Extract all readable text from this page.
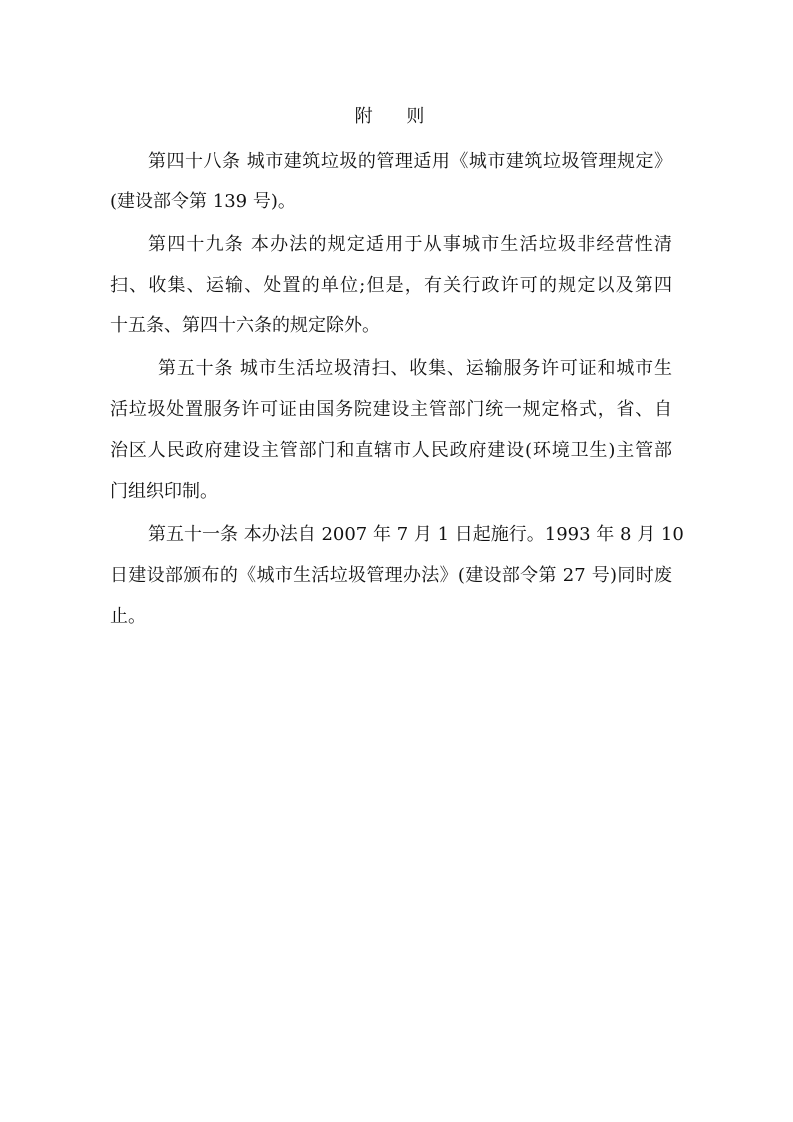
附 则
第四十八条 城市建筑垃圾的管理适用《城市建筑垃圾管理规定》
(建设部令第 139 号)。
第四十九条 本办法的规定适用于从事城市生活垃圾非经营性清
扫、收集、运输、处置的单位;但是，有关行政许可的规定以及第四
十五条、第四十六条的规定除外。
第五十条 城市生活垃圾清扫、收集、运输服务许可证和城市生
活垃圾处置服务许可证由国务院建设主管部门统一规定格式，省、自
治区人民政府建设主管部门和直辖市人民政府建设(环境卫生)主管部
门组织印制。
第五十一条 本办法自 2007 年 7 月 1 日起施行。1993 年 8 月 10
日建设部颁布的《城市生活垃圾管理办法》(建设部令第 27 号)同时废
止。
